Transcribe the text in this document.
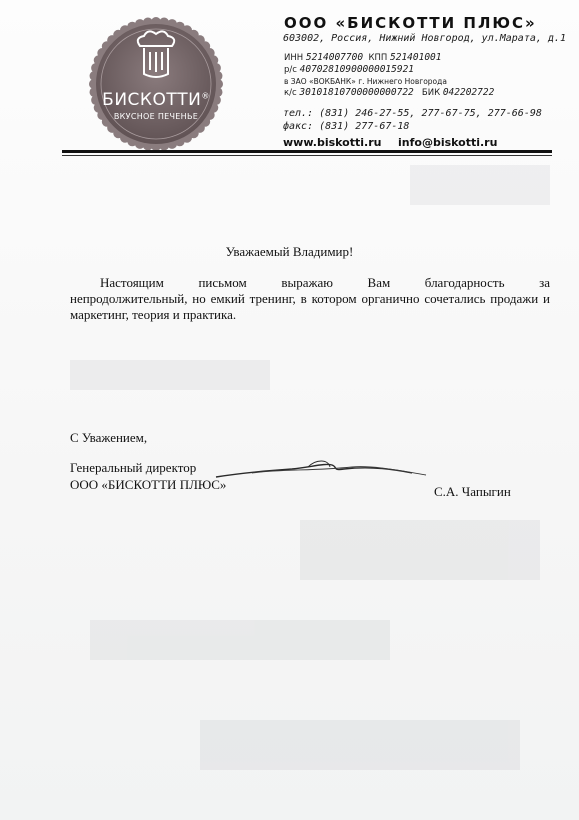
БИСКОТТИ®
ВКУСНОЕ ПЕЧЕНЬЕ
ООО «БИСКОТТИ ПЛЮС»
603002, Россия, Нижний Новгород, ул.Марата, д.1
ИНН 5214007700 КПП 521401001
р/с 40702810900000015921
в ЗАО «ВОКБАНК» г. Нижнего Новгорода
к/с 30101810700000000722 БИК 042202722
тел.: (831) 246-27-55, 277-67-75, 277-66-98
факс: (831) 277-67-18
www.biskotti.ru info@biskotti.ru
Уважаемый Владимир!
Настоящим письмом выражаю Вам благодарность за
непродолжительный, но емкий тренинг, в котором органично сочетались продажи и маркетинг, теория и практика.
С Уважением,
Генеральный директор
ООО «БИСКОТТИ ПЛЮС»	С.А. Чапыгин
